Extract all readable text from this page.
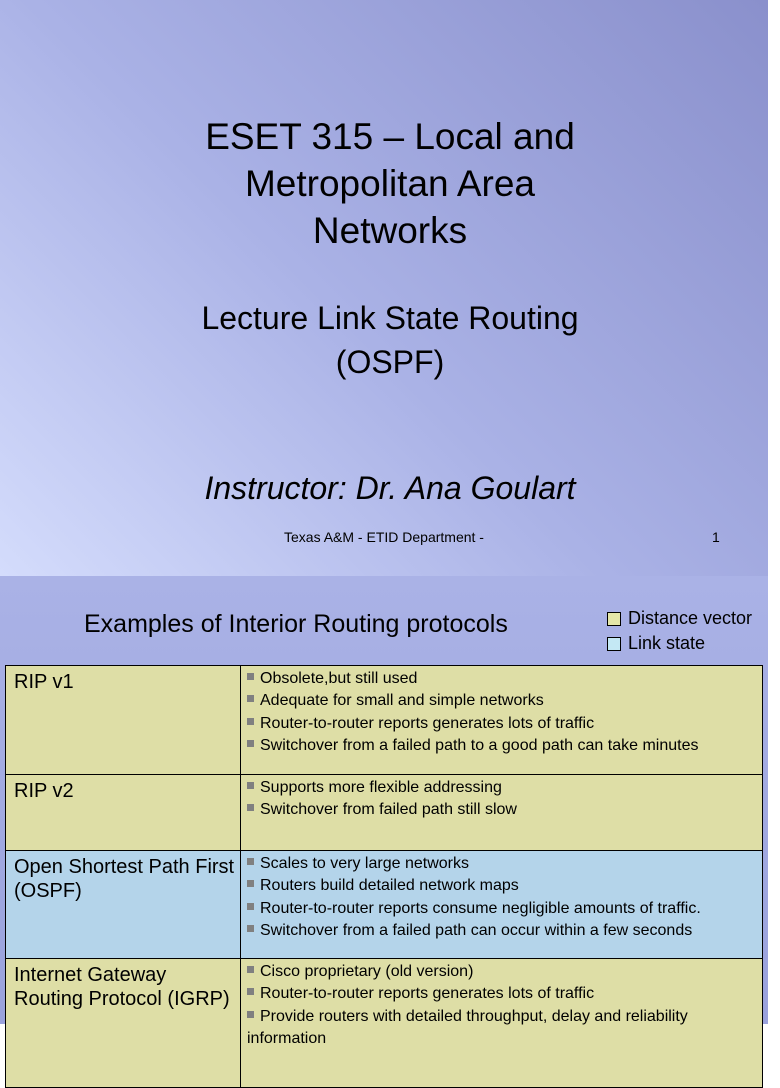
ESET 315 – Local and
Metropolitan Area
Networks
Lecture Link State Routing
(OSPF)
Instructor: Dr. Ana Goulart
Texas A&M - ETID Department -	1
Examples of Interior Routing protocols	Distance vector
Link state
RIP v1	Obsolete,but still used
Adequate for small and simple networks
Router-to-router reports generates lots of traffic
Switchover from a failed path to a good path can take minutes

RIP v2	Supports more flexible addressing
Switchover from failed path still slow

Open Shortest Path First (OSPF)	Scales to very large networks
Routers build detailed network maps
Router-to-router reports consume negligible amounts of traffic.
Switchover from a failed path can occur within a few seconds

Internet Gateway Routing Protocol (IGRP)	Cisco proprietary (old version)
Router-to-router reports generates lots of traffic
Provide routers with detailed throughput, delay and reliability information
